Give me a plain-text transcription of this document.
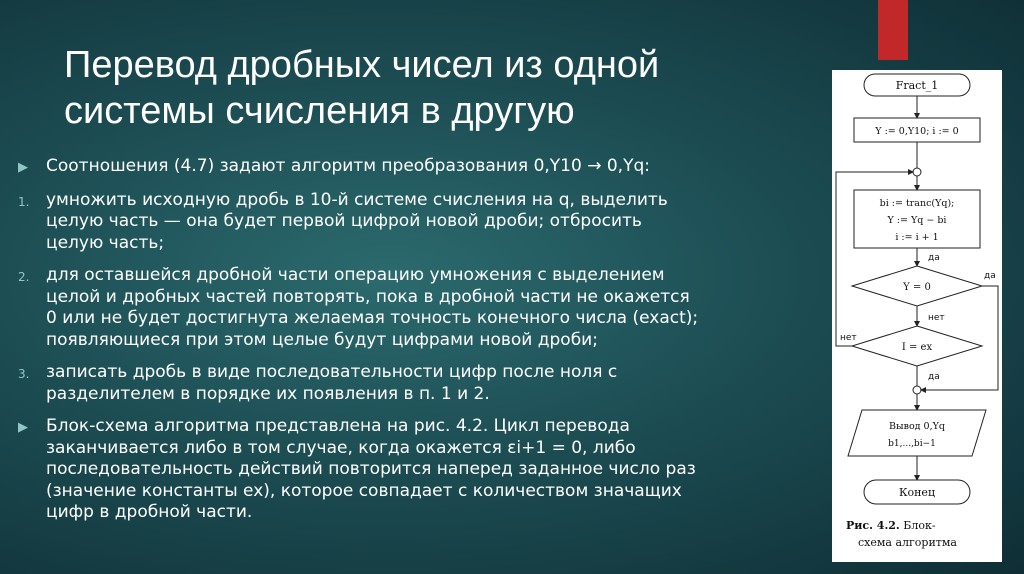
Перевод дробных чисел из одной
системы счисления в другую
▶	Соотношения (4.7) задают алгоритм преобразования 0,Y10 → 0,Yq:
1. умножить исходную дробь в 10-й системе счисления на q, выделить
целую часть — она будет первой цифрой новой дроби; отбросить
целую часть;
2. для оставшейся дробной части операцию умножения с выделением
целой и дробных частей повторять, пока в дробной части не окажется
0 или не будет достигнута желаемая точность конечного числа (exact);
появляющиеся при этом целые будут цифрами новой дроби;
3. записать дробь в виде последовательности цифр после ноля с
разделителем в порядке их появления в п. 1 и 2.
▶	Блок-схема алгоритма представлена на рис. 4.2. Цикл перевода
заканчивается либо в том случае, когда окажется εi+1 = 0, либо
последовательность действий повторится наперед заданное число раз
(значение константы ex), которое совпадает с количеством значащих
цифр в дробной части.
Fract_1
Y := 0,Y10; i := 0
bi := tranc(Yq);
Y := Yq − bi
i := i + 1
Y = 0
I = ex
Вывод 0,Yq
b1,...,bi−1
Конец
да
да
нет
нет
да
Рис. 4.2. Блок-
схема алгоритма
